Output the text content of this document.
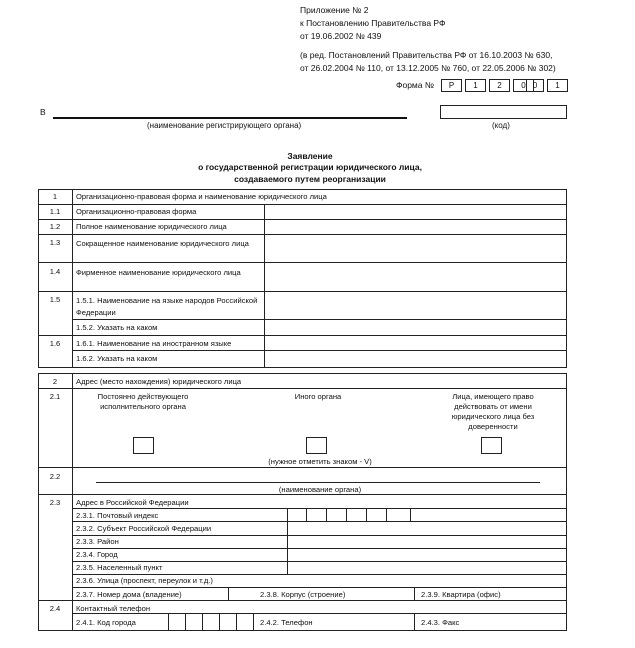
Приложение № 2
к Постановлению Правительства РФ
от 19.06.2002 № 439
(в ред. Постановлений Правительства РФ от 16.10.2003 № 630,
от 26.02.2004 № 110, от 13.12.2005 № 760, от 22.05.2006 № 302)
Форма №	Р	1	2	0 0	1
В
(наименование регистрирующего органа)	(код)
Заявление
о государственной регистрации юридического лица,
создаваемого путем реорганизации
1	Организационно-правовая форма и наименование юридического лица
1.1	Организационно-правовая форма
1.2	Полное наименование юридического лица
1.3	Сокращенное наименование юридического лица
1.4	Фирменное наименование юридического лица
1.5	1.5.1. Наименование на языке народов Российской Федерации
1.5.2. Указать на каком
1.6	1.6.1. Наименование на иностранном языке
1.6.2. Указать на каком
2	Адрес (место нахождения) юридического лица
2.1	Постоянно действующего исполнительного органа
Иного органа	Лица, имеющего право действовать от имени юридического лица без доверенности
(нужное отметить знаком - V)
2.2
(наименование органа)
2.3	Адрес в Российской Федерации
2.3.1. Почтовый индекс
2.3.2. Субъект Российской Федерации
2.3.3. Район
2.3.4. Город
2.3.5. Населенный пункт
2.3.6. Улица (проспект, переулок и т.д.)
2.3.7. Номер дома (владение)	2.3.8. Корпус (строение)	2.3.9. Квартира (офис)
2.4	Контактный телефон
2.4.1. Код города	2.4.2. Телефон	2.4.3. Факс
